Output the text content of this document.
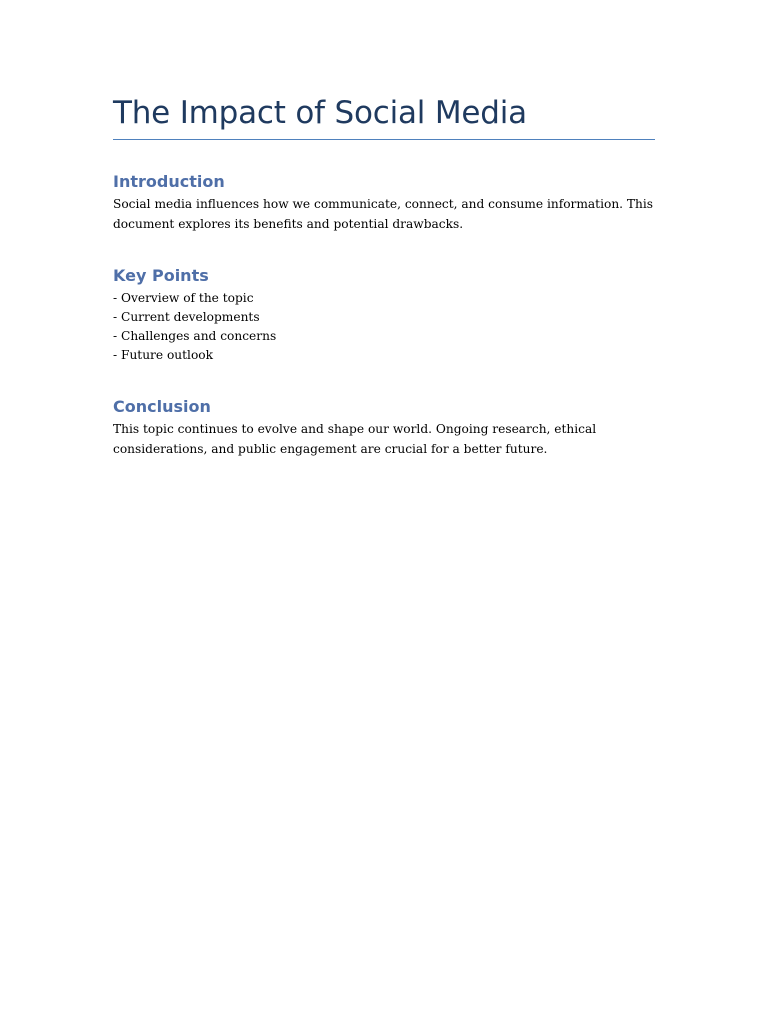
The Impact of Social Media
Introduction

Social media influences how we communicate, connect, and consume information. This
document explores its benefits and potential drawbacks.

Key Points
- Overview of the topic
- Current developments
- Challenges and concerns
- Future outlook
Conclusion

This topic continues to evolve and shape our world. Ongoing research, ethical
considerations, and public engagement are crucial for a better future.
